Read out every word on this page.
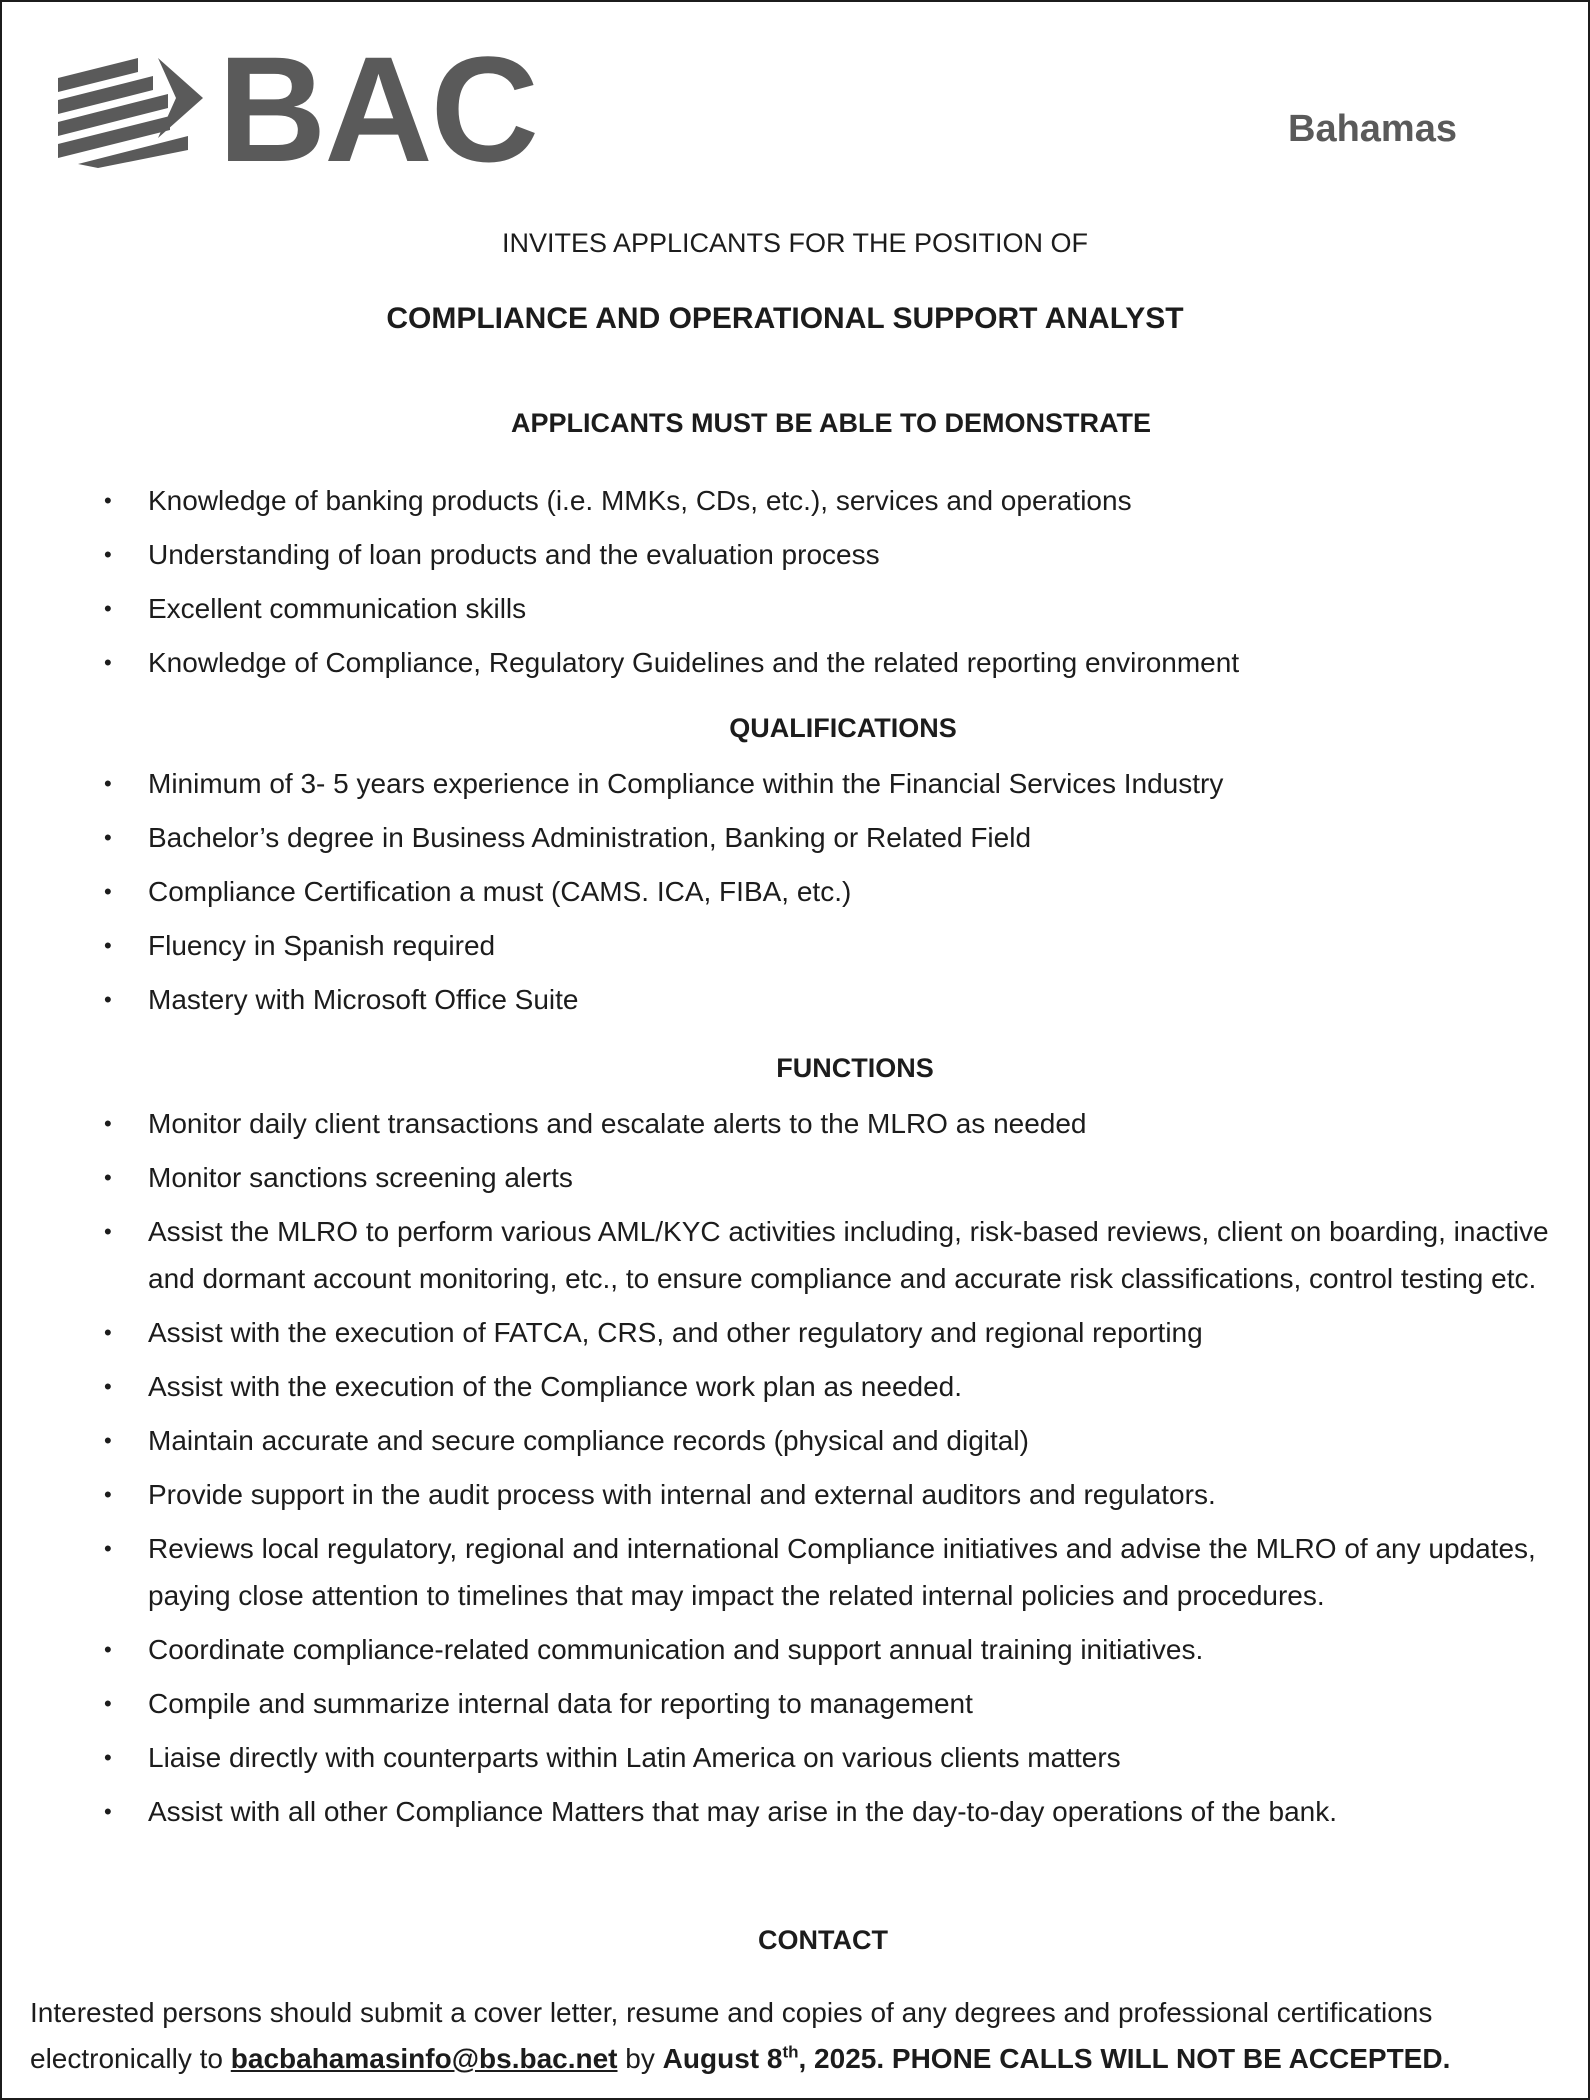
BAC	Bahamas
INVITES APPLICANTS FOR THE POSITION OF
COMPLIANCE AND OPERATIONAL SUPPORT ANALYST
APPLICANTS MUST BE ABLE TO DEMONSTRATE
• Knowledge of banking products (i.e. MMKs, CDs, etc.), services and operations
• Understanding of loan products and the evaluation process
• Excellent communication skills
• Knowledge of Compliance, Regulatory Guidelines and the related reporting environment
QUALIFICATIONS
• Minimum of 3- 5 years experience in Compliance within the Financial Services Industry
• Bachelor’s degree in Business Administration, Banking or Related Field
• Compliance Certification a must (CAMS. ICA, FIBA, etc.)
• Fluency in Spanish required
• Mastery with Microsoft Office Suite
FUNCTIONS
• Monitor daily client transactions and escalate alerts to the MLRO as needed
• Monitor sanctions screening alerts
• Assist the MLRO to perform various AML/KYC activities including, risk-based reviews, client on boarding, inactive and dormant account monitoring, etc., to ensure compliance and accurate risk classifications, control testing etc.
• Assist with the execution of FATCA, CRS, and other regulatory and regional reporting
• Assist with the execution of the Compliance work plan as needed.
• Maintain accurate and secure compliance records (physical and digital)
• Provide support in the audit process with internal and external auditors and regulators.
• Reviews local regulatory, regional and international Compliance initiatives and advise the MLRO of any updates, paying close attention to timelines that may impact the related internal policies and procedures.
• Coordinate compliance-related communication and support annual training initiatives.
• Compile and summarize internal data for reporting to management
• Liaise directly with counterparts within Latin America on various clients matters
• Assist with all other Compliance Matters that may arise in the day-to-day operations of the bank.
CONTACT
Interested persons should submit a cover letter, resume and copies of any degrees and professional certifications electronically to bacbahamasinfo@bs.bac.net by August 8th, 2025. PHONE CALLS WILL NOT BE ACCEPTED.
